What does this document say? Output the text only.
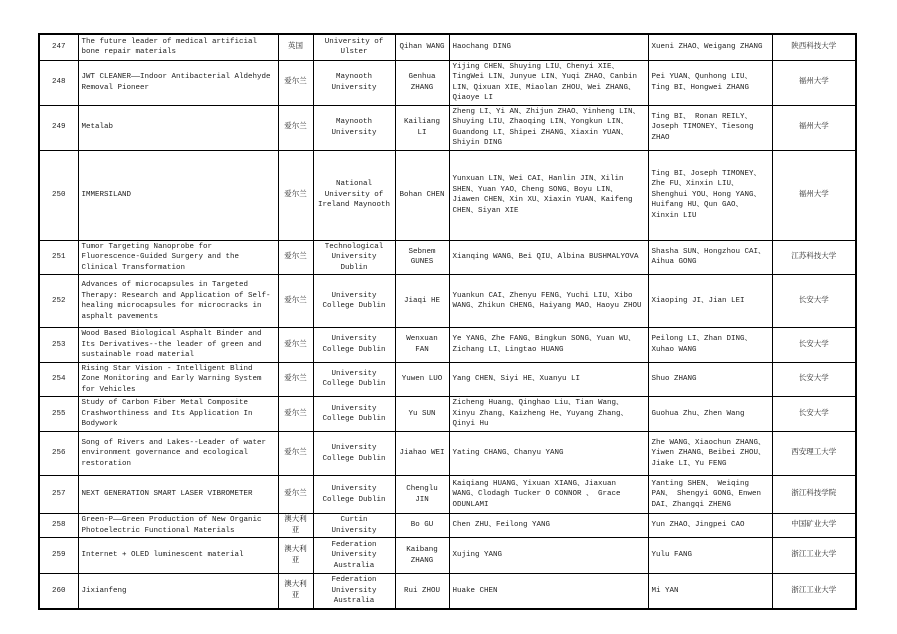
247	The future leader of medical artificial bone repair materials	英国	University of Ulster	Qihan WANG	Haochang DING	Xueni ZHAO、Weigang ZHANG	陕西科技大学
248	JWT CLEANER——Indoor Antibacterial Aldehyde Removal Pioneer	爱尔兰	Maynooth University	Genhua ZHANG	Yijing CHEN、Shuying LIU、Chenyi XIE、TingWei LIN、Junyue LIN、Yuqi ZHAO、Canbin LIN、Qixuan XIE、Miaolan ZHOU、Wei ZHANG、Qiaoye LI	Pei YUAN、Qunhong LIU、Ting BI、Hongwei ZHANG	福州大学
249	Metalab	爱尔兰	Maynooth University	Kailiang LI	Zheng LI、Yi AN、Zhijun ZHAO、Yinheng LIN、Shuying LIU、Zhaoqing LIN、Yongkun LIN、Guandong LI、Shipei ZHANG、Xiaxin YUAN、Shiyin DING	Ting BI、 Ronan REILY、Joseph TIMONEY、Tiesong ZHAO	福州大学
250	IMMERSILAND	爱尔兰	National University of Ireland Maynooth	Bohan CHEN	Yunxuan LIN、Wei CAI、Hanlin JIN、Xilin SHEN、Yuan YAO、Cheng SONG、Boyu LIN、Jiawen CHEN、Xin XU、Xiaxin YUAN、Kaifeng CHEN、Siyan XIE	Ting BI、Joseph TIMONEY、Zhe FU、Xinxin LIU、Shenghui YOU、Hong YANG、Huifang HU、Qun GAO、Xinxin LIU	福州大学
251	Tumor Targeting Nanoprobe for Fluorescence-Guided Surgery and the Clinical Transformation	爱尔兰	Technological University Dublin	Sebnem GUNES	Xianqing WANG、Bei QIU、Albina BUSHMALYOVA	Shasha SUN、Hongzhou CAI、Aihua GONG	江苏科技大学
252	Advances of microcapsules in Targeted Therapy: Research and Application of Self-healing microcapsules for microcracks in asphalt pavements	爱尔兰	University College Dublin	Jiaqi HE	Yuankun CAI、Zhenyu FENG、Yuchi LIU、Xibo WANG、Zhikun CHENG、Haiyang MAO、Haoyu ZHOU	Xiaoping JI、Jian LEI	长安大学
253	Wood Based Biological Asphalt Binder and Its Derivatives--the leader of green and sustainable road material	爱尔兰	University College Dublin	Wenxuan FAN	Ye YANG、Zhe FANG、Bingkun SONG、Yuan WU、Zichang LI、Lingtao HUANG	Peilong LI、Zhan DING、Xuhao WANG	长安大学
254	Rising Star Vision - Intelligent Blind Zone Monitoring and Early Warning System for Vehicles	爱尔兰	University College Dublin	Yuwen LUO	Yang CHEN、Siyi HE、Xuanyu LI	Shuo ZHANG	长安大学
255	Study of Carbon Fiber Metal Composite Crashworthiness and Its Application In Bodywork	爱尔兰	University College Dublin	Yu SUN	Zicheng Huang、Qinghao Liu、Tian Wang、Xinyu Zhang、Kaizheng He、Yuyang Zhang、Qinyi Hu	Guohua Zhu、Zhen Wang	长安大学
256	Song of Rivers and Lakes--Leader of water environment governance and ecological restoration	爱尔兰	University College Dublin	Jiahao WEI	Yating CHANG、Chanyu YANG	Zhe WANG、Xiaochun ZHANG、Yiwen ZHANG、Beibei ZHOU、Jiake LI、Yu FENG	西安理工大学
257	NEXT GENERATION SMART LASER VIBROMETER	爱尔兰	University College Dublin	Chenglu JIN	Kaiqiang HUANG、Yixuan XIANG、Jiaxuan WANG、Clodagh Tucker O CONNOR 、 Grace ODUNLAMI	Yanting SHEN、 Weiqing PAN、 Shengyi GONG、Enwen DAI、Zhangqi ZHENG	浙江科技学院
258	Green-P——Green Production of New Organic Photoelectric Functional Materials	澳大利亚	Curtin University	Bo GU	Chen ZHU、Feilong YANG	Yun ZHAO、Jingpei CAO	中国矿业大学
259	Internet + OLED luminescent material	澳大利亚	Federation University Australia	Kaibang ZHANG	Xujing YANG	Yulu FANG	浙江工业大学
260	Jixianfeng	澳大利亚	Federation University Australia	Rui ZHOU	Huake CHEN	Mi YAN	浙江工业大学
